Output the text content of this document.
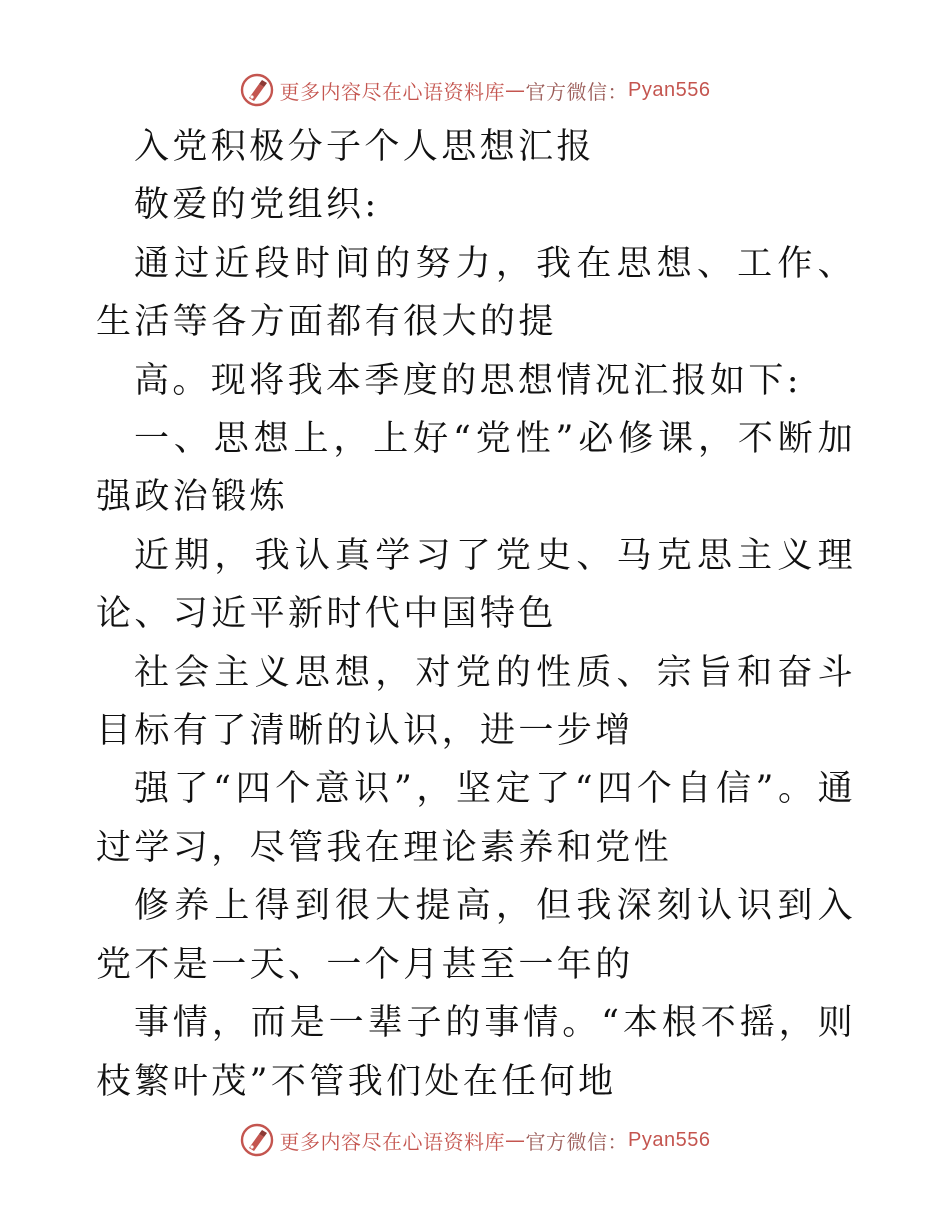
更多内容尽在心语资料库 — 官方微信： Pyan556

入党积极分子个人思想汇报

敬爱的党组织:

通过近段时间的努力，我在思想、工作、生活等各方面都有很大的提

高。现将我本季度的思想情况汇报如下:

一、思想上，上好“党性”必修课，不断加强政治锻炼

近期，我认真学习了党史、马克思主义理论、习近平新时代中国特色

社会主义思想，对党的性质、宗旨和奋斗目标有了清晰的认识，进一步增

强了“四个意识”，坚定了“四个自信”。通过学习，尽管我在理论素养和党性

修养上得到很大提高，但我深刻认识到入党不是一天、一个月甚至一年的

事情，而是一辈子的事情。“本根不摇，则枝繁叶茂”不管我们处在任何地

更多内容尽在心语资料库 — 官方微信： Pyan556
